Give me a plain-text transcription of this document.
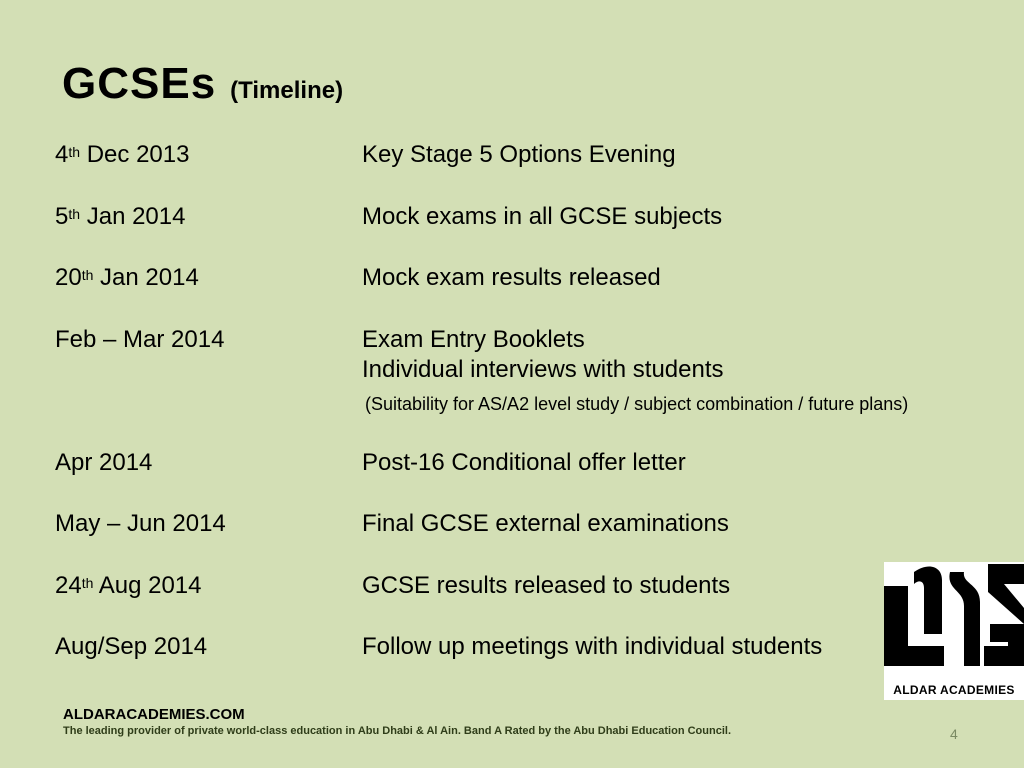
GCSEs (Timeline)
4th Dec 2013	Key Stage 5 Options Evening
5th Jan 2014	Mock exams in all GCSE subjects
20th Jan 2014	Mock exam results released
Feb – Mar 2014	Exam Entry Booklets
Individual interviews with students
(Suitability for AS/A2 level study / subject combination / future plans)
Apr 2014	Post-16 Conditional offer letter
May – Jun 2014	Final GCSE external examinations
24th Aug 2014	GCSE results released to students
Aug/Sep 2014	Follow up meetings with individual students
ALDAR ACADEMIES
ALDARACADEMIES.COM
The leading provider of private world-class education in Abu Dhabi & Al Ain. Band A Rated by the Abu Dhabi Education Council.	4
